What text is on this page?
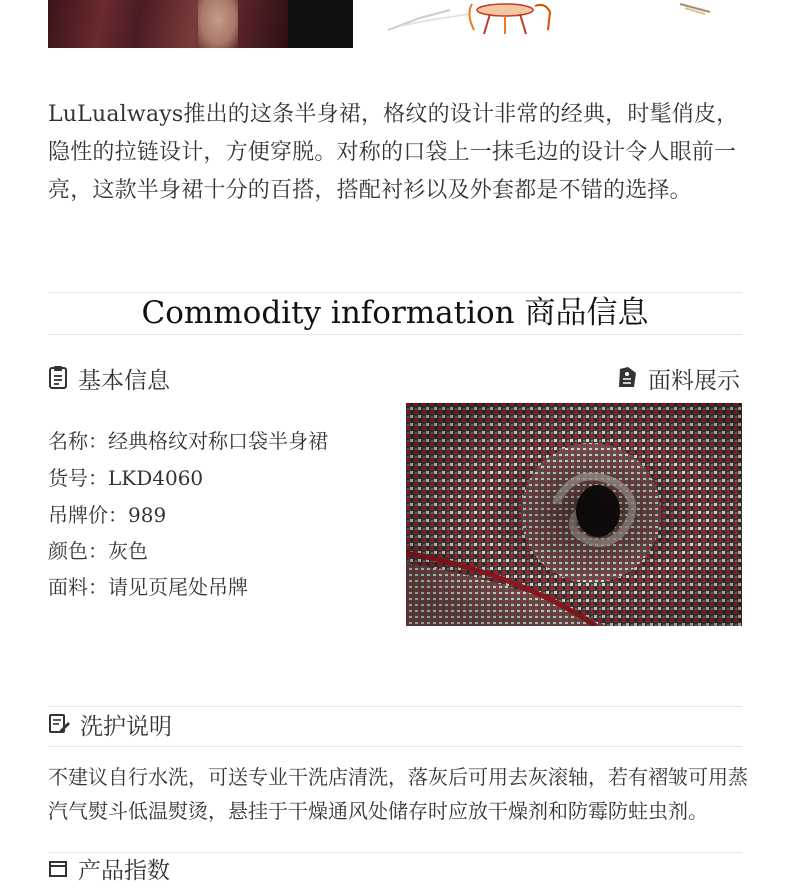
LuLualways推出的这条半身裙，格纹的设计非常的经典，时髦俏皮，隐性的拉链设计，方便穿脱。对称的口袋上一抹毛边的设计令人眼前一亮，这款半身裙十分的百搭，搭配衬衫以及外套都是不错的选择。
Commodity information 商品信息
基本信息	面料展示
名称：经典格纹对称口袋半身裙
货号：LKD4060
吊牌价：989
颜色：灰色
面料：请见页尾处吊牌
洗护说明
不建议自行水洗，可送专业干洗店清洗，落灰后可用去灰滚轴，若有褶皱可用蒸汽气熨斗低温熨烫，悬挂于干燥通风处储存时应放干燥剂和防霉防蛀虫剂。
产品指数
